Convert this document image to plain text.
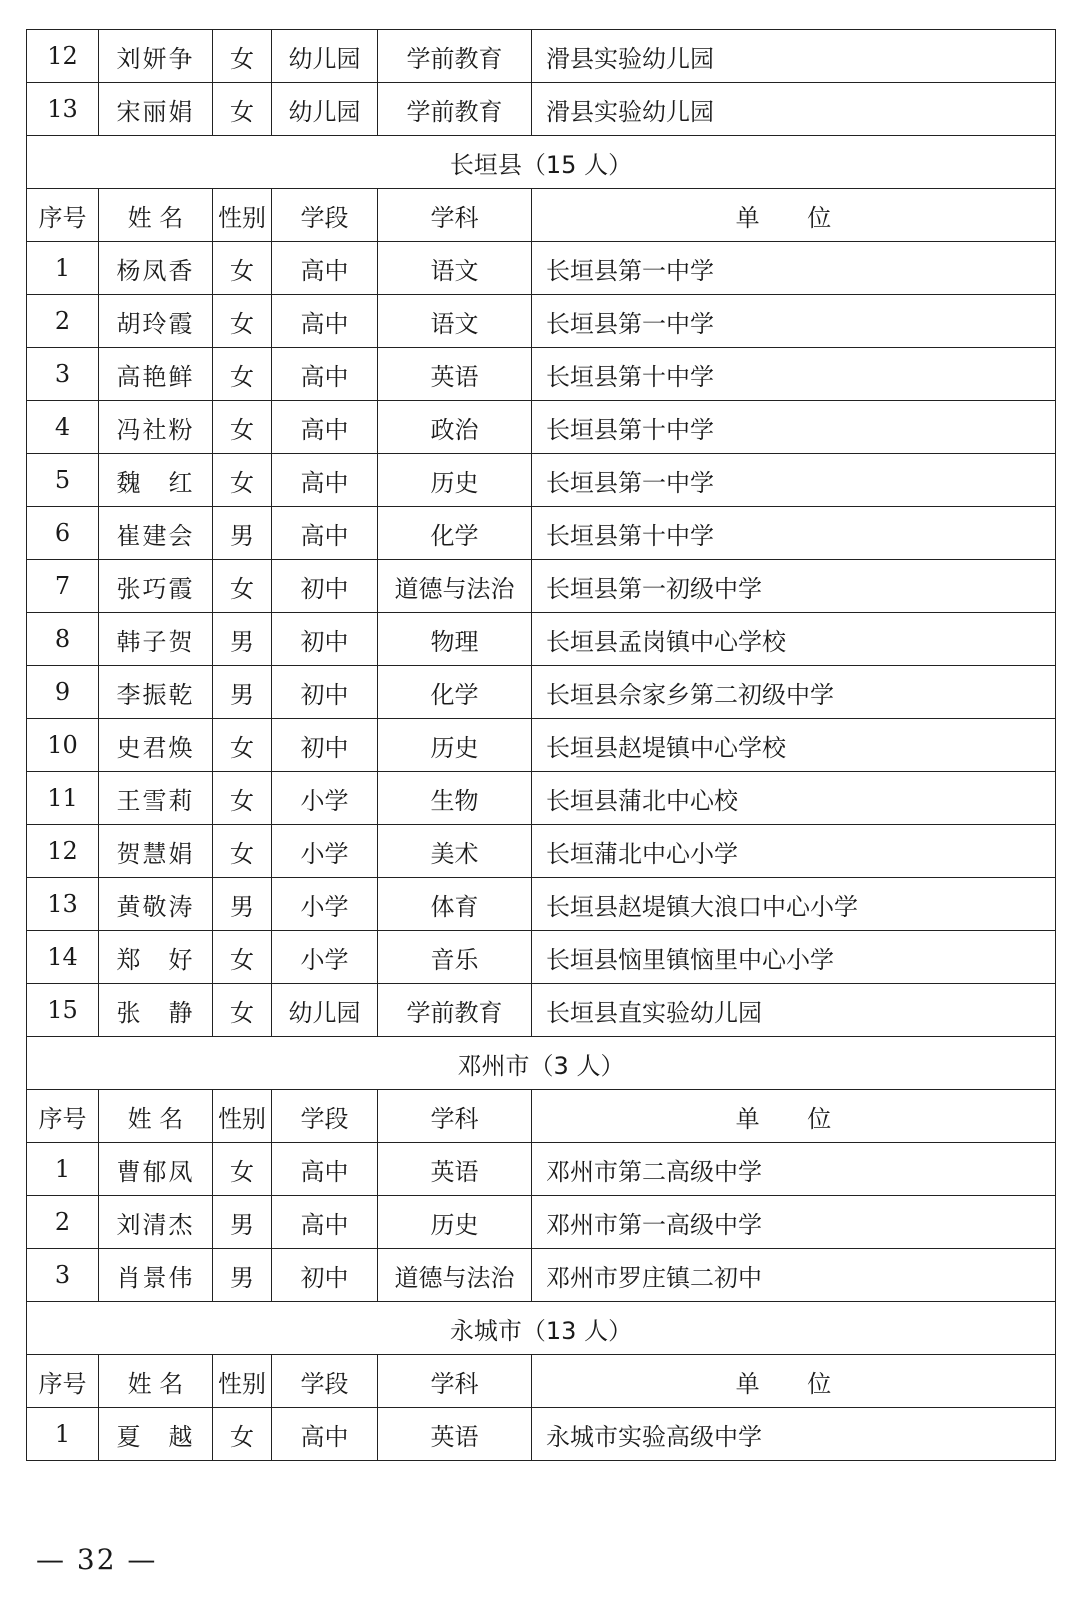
12	刘妍争	女	幼儿园	学前教育	滑县实验幼儿园
13	宋丽娟	女	幼儿园	学前教育	滑县实验幼儿园
长垣县（15 人）					
序号	姓 名	性别	学段	学科	单 位
1	杨凤香	女	高中	语文	长垣县第一中学
2	胡玲霞	女	高中	语文	长垣县第一中学
3	高艳鲜	女	高中	英语	长垣县第十中学
4	冯社粉	女	高中	政治	长垣县第十中学
5	魏　红	女	高中	历史	长垣县第一中学
6	崔建会	男	高中	化学	长垣县第十中学
7	张巧霞	女	初中	道德与法治	长垣县第一初级中学
8	韩子贺	男	初中	物理	长垣县孟岗镇中心学校
9	李振乾	男	初中	化学	长垣县佘家乡第二初级中学
10	史君焕	女	初中	历史	长垣县赵堤镇中心学校
11	王雪莉	女	小学	生物	长垣县蒲北中心校
12	贺慧娟	女	小学	美术	长垣蒲北中心小学
13	黄敬涛	男	小学	体育	长垣县赵堤镇大浪口中心小学
14	郑　好	女	小学	音乐	长垣县恼里镇恼里中心小学
15	张　静	女	幼儿园	学前教育	长垣县直实验幼儿园
邓州市（3 人）					
序号	姓 名	性别	学段	学科	单 位
1	曹郁凤	女	高中	英语	邓州市第二高级中学
2	刘清杰	男	高中	历史	邓州市第一高级中学
3	肖景伟	男	初中	道德与法治	邓州市罗庄镇二初中
永城市（13 人）					
序号	姓 名	性别	学段	学科	单 位
1	夏　越	女	高中	英语	永城市实验高级中学
— 32 —
